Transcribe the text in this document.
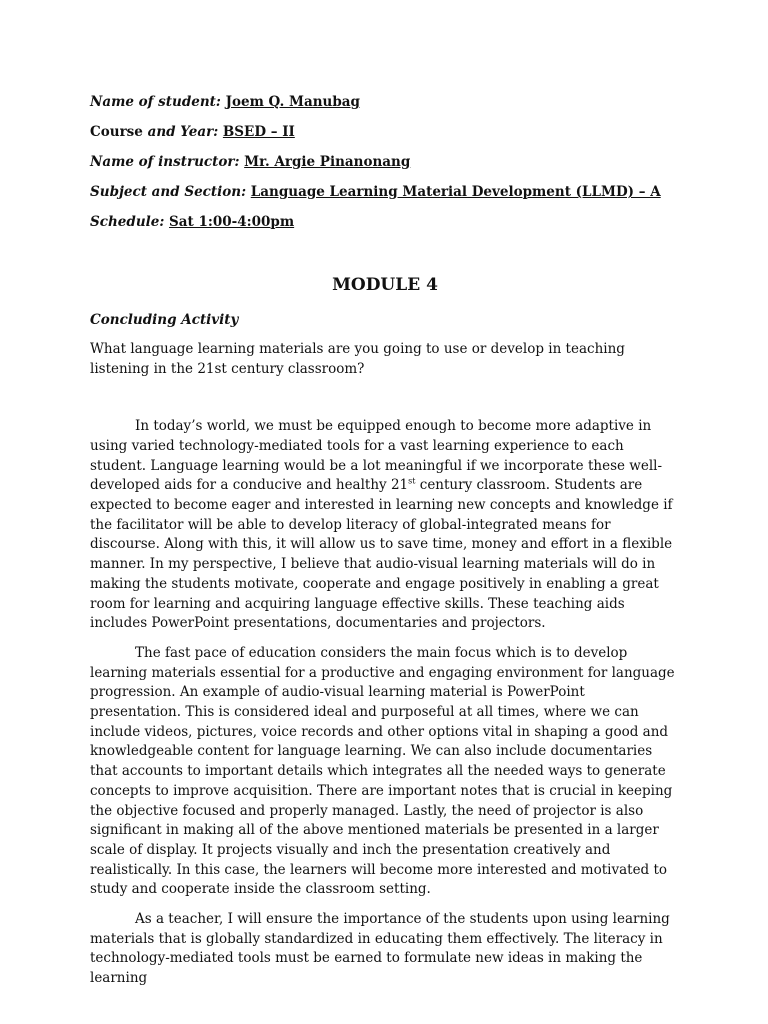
Name of student: Joem Q. Manubag
Course and Year: BSED – II
Name of instructor: Mr. Argie Pinanonang
Subject and Section: Language Learning Material Development (LLMD) – A
Schedule: Sat 1:00-4:00pm
MODULE 4
Concluding Activity

What language learning materials are you going to use or develop in teaching listening in the 21st century classroom?

In today’s world, we must be equipped enough to become more adaptive in using varied technology-mediated tools for a vast learning experience to each student. Language learning would be a lot meaningful if we incorporate these well-developed aids for a conducive and healthy 21st century classroom. Students are expected to become eager and interested in learning new concepts and knowledge if the facilitator will be able to develop literacy of global-integrated means for discourse. Along with this, it will allow us to save time, money and effort in a flexible manner. In my perspective, I believe that audio-visual learning materials will do in making the students motivate, cooperate and engage positively in enabling a great room for learning and acquiring language effective skills. These teaching aids includes PowerPoint presentations, documentaries and projectors.

The fast pace of education considers the main focus which is to develop learning materials essential for a productive and engaging environment for language progression. An example of audio-visual learning material is PowerPoint presentation. This is considered ideal and purposeful at all times, where we can include videos, pictures, voice records and other options vital in shaping a good and knowledgeable content for language learning. We can also include documentaries that accounts to important details which integrates all the needed ways to generate concepts to improve acquisition. There are important notes that is crucial in keeping the objective focused and properly managed. Lastly, the need of projector is also significant in making all of the above mentioned materials be presented in a larger scale of display. It projects visually and inch the presentation creatively and realistically. In this case, the learners will become more interested and motivated to study and cooperate inside the classroom setting.

As a teacher, I will ensure the importance of the students upon using learning materials that is globally standardized in educating them effectively. The literacy in technology-mediated tools must be earned to formulate new ideas in making the learning
